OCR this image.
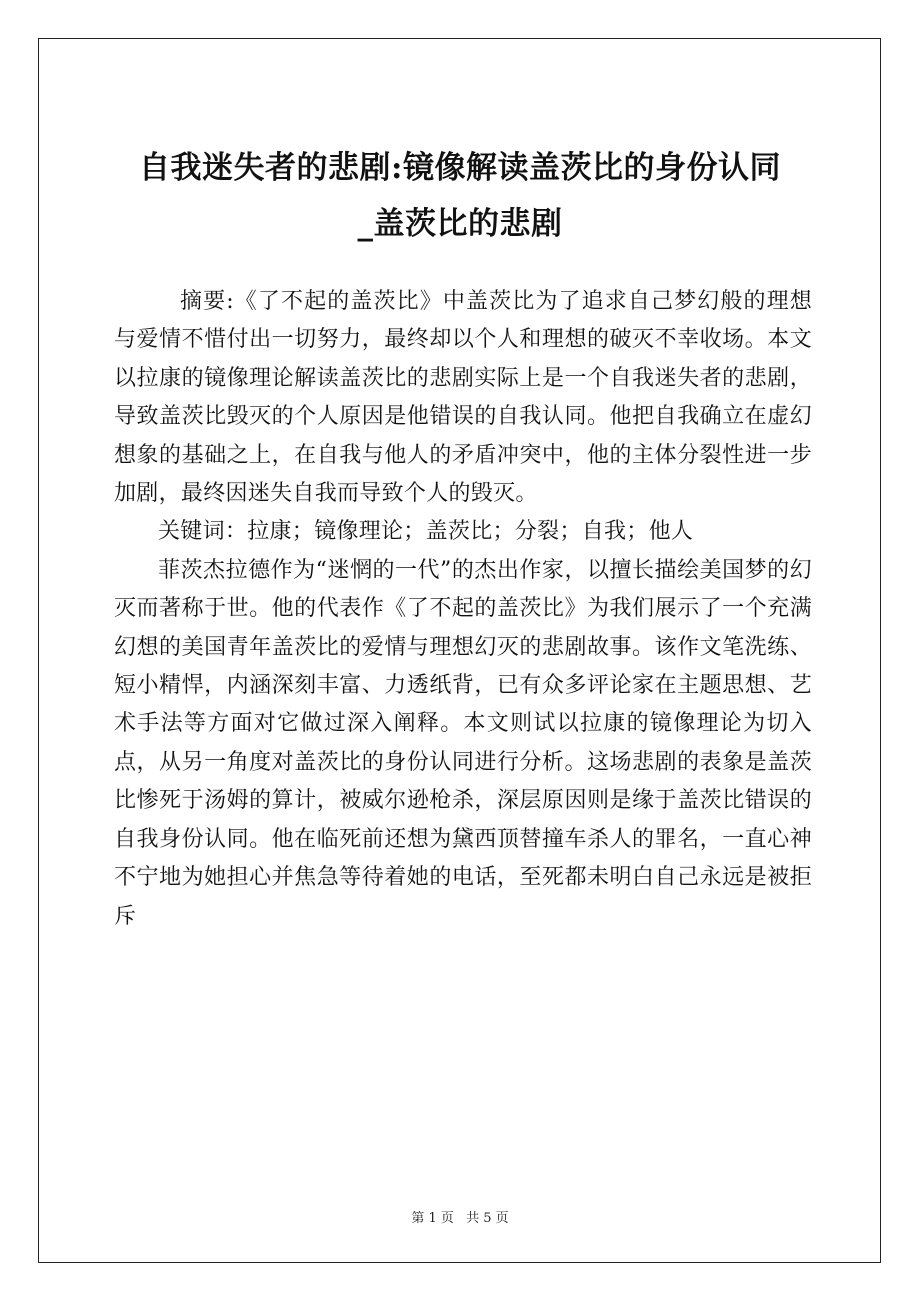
自我迷失者的悲剧:镜像解读盖茨比的身份认同
_盖茨比的悲剧

摘要:《了不起的盖茨比》中盖茨比为了追求自己梦幻般的理想与爱情不惜付出一切努力，最终却以个人和理想的破灭不幸收场。本文以拉康的镜像理论解读盖茨比的悲剧实际上是一个自我迷失者的悲剧，导致盖茨比毁灭的个人原因是他错误的自我认同。他把自我确立在虚幻想象的基础之上，在自我与他人的矛盾冲突中，他的主体分裂性进一步加剧，最终因迷失自我而导致个人的毁灭。

关键词：拉康；镜像理论；盖茨比；分裂；自我；他人

菲茨杰拉德作为“迷惘的一代”的杰出作家，以擅长描绘美国梦的幻灭而著称于世。他的代表作《了不起的盖茨比》为我们展示了一个充满幻想的美国青年盖茨比的爱情与理想幻灭的悲剧故事。该作文笔洗练、短小精悍，内涵深刻丰富、力透纸背，已有众多评论家在主题思想、艺术手法等方面对它做过深入阐释。本文则试以拉康的镜像理论为切入点，从另一角度对盖茨比的身份认同进行分析。这场悲剧的表象是盖茨比惨死于汤姆的算计，被威尔逊枪杀，深层原因则是缘于盖茨比错误的自我身份认同。他在临死前还想为黛西顶替撞车杀人的罪名，一直心神不宁地为她担心并焦急等待着她的电话，至死都未明白自己永远是被拒斥

第 1 页 共 5 页
